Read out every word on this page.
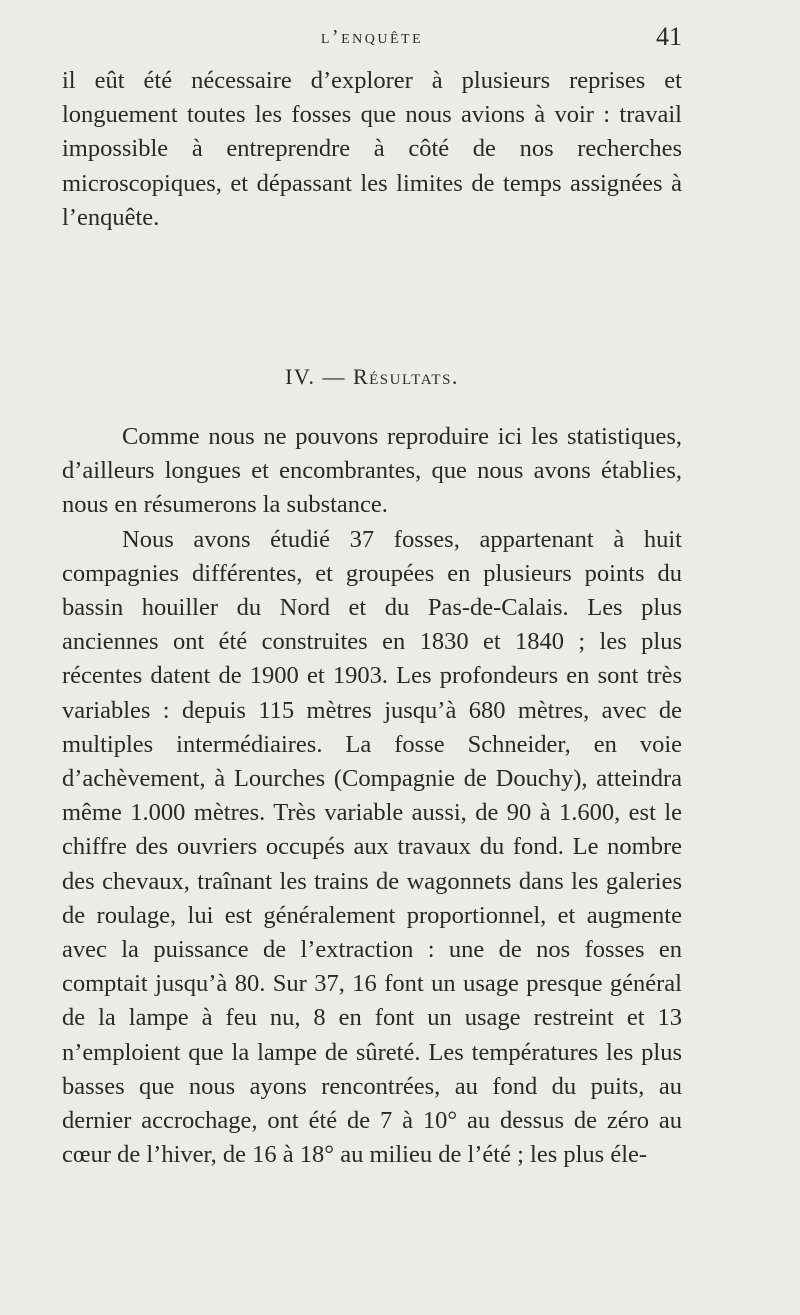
l’enquête	41

il eût été nécessaire d’explorer à plusieurs reprises et longuement toutes les fosses que nous avions à voir : travail impossible à entreprendre à côté de nos recherches microscopiques, et dépassant les limites de temps assignées à l’enquête.

IV. — Résultats.

Comme nous ne pouvons reproduire ici les statistiques, d’ailleurs longues et encombrantes, que nous avons établies, nous en résumerons la substance.

Nous avons étudié 37 fosses, appartenant à huit compagnies différentes, et groupées en plusieurs points du bassin houiller du Nord et du Pas-de-Calais. Les plus anciennes ont été construites en 1830 et 1840 ; les plus récentes datent de 1900 et 1903. Les profondeurs en sont très variables : depuis 115 mètres jusqu’à 680 mètres, avec de multiples intermédiaires. La fosse Schneider, en voie d’achèvement, à Lourches (Compagnie de Douchy), atteindra même 1.000 mètres. Très variable aussi, de 90 à 1.600, est le chiffre des ouvriers occupés aux travaux du fond. Le nombre des chevaux, traînant les trains de wagonnets dans les galeries de roulage, lui est généralement proportionnel, et augmente avec la puissance de l’extraction : une de nos fosses en comptait jusqu’à 80. Sur 37, 16 font un usage presque général de la lampe à feu nu, 8 en font un usage restreint et 13 n’emploient que la lampe de sûreté. Les températures les plus basses que nous ayons rencontrées, au fond du puits, au dernier accrochage, ont été de 7 à 10° au dessus de zéro au cœur de l’hiver, de 16 à 18° au milieu de l’été ; les plus éle-
